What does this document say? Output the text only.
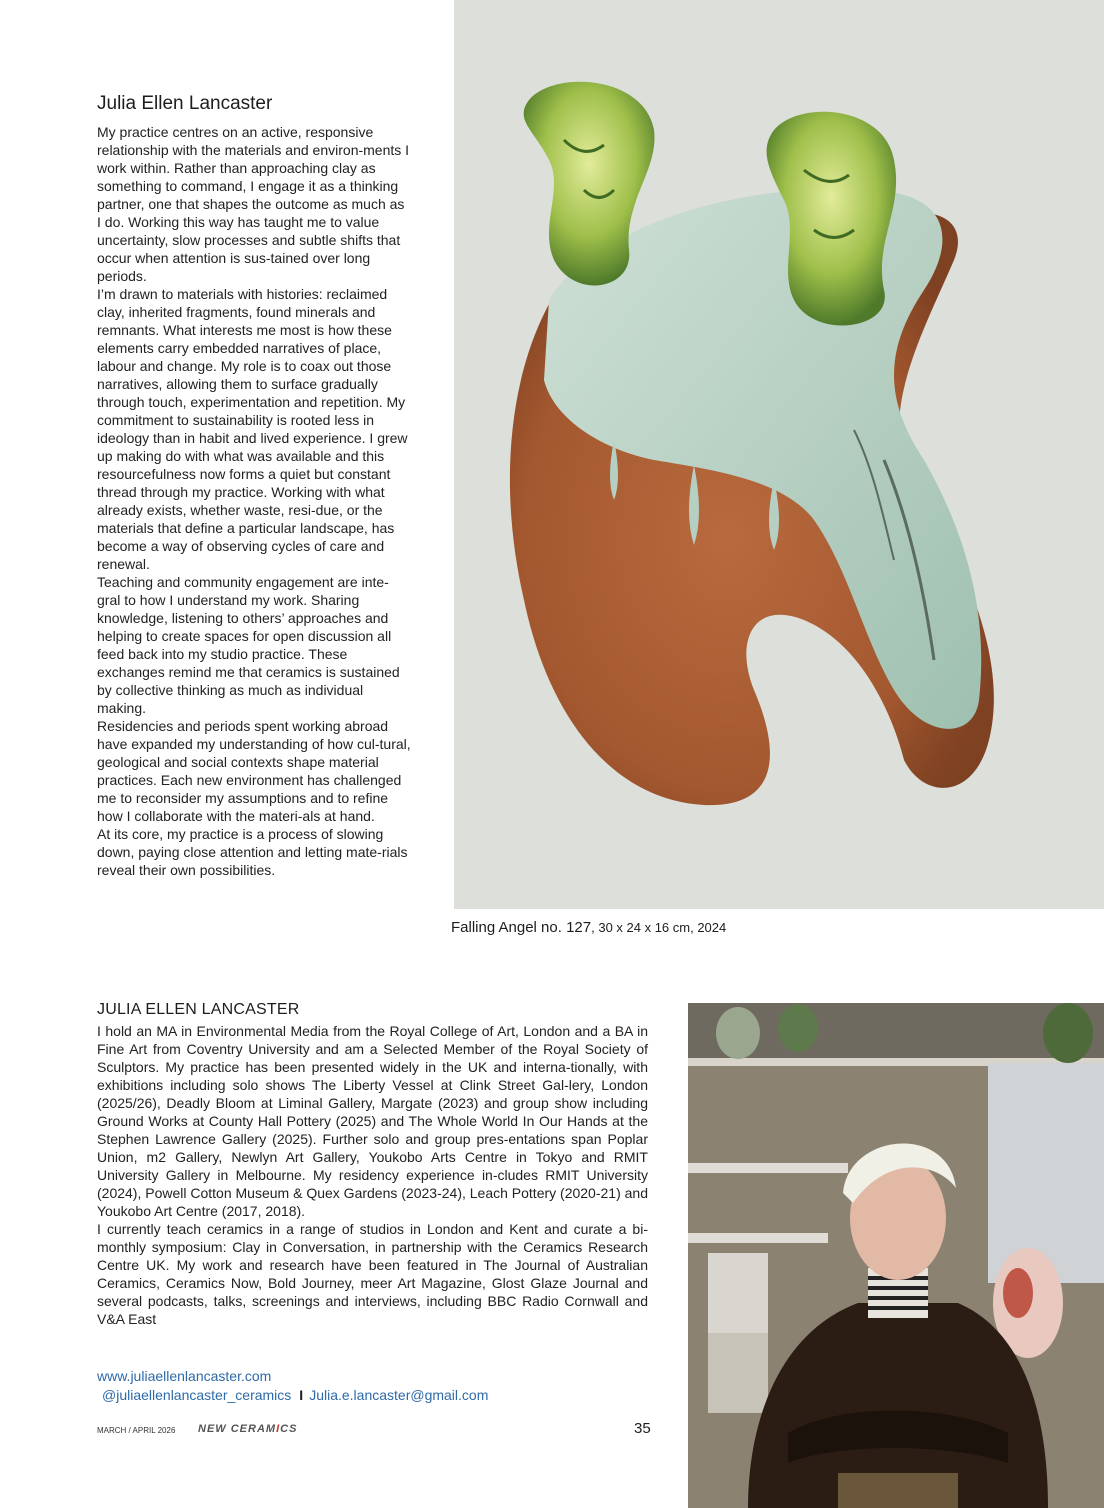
Julia Ellen Lancaster

My practice centres on an active, responsive relationship with the materials and environ-ments I work within. Rather than approaching clay as something to command, I engage it as a thinking partner, one that shapes the outcome as much as I do. Working this way has taught me to value uncertainty, slow processes and subtle shifts that occur when attention is sus-tained over long periods.

I’m drawn to materials with histories: reclaimed clay, inherited fragments, found minerals and remnants. What interests me most is how these elements carry embedded narratives of place, labour and change. My role is to coax out those narratives, allowing them to surface gradually through touch, experimentation and repetition. My commitment to sustainability is rooted less in ideology than in habit and lived experience. I grew up making do with what was available and this resourcefulness now forms a quiet but constant thread through my practice. Working with what already exists, whether waste, resi-due, or the materials that define a particular landscape, has become a way of observing cycles of care and renewal.

Teaching and community engagement are inte-gral to how I understand my work. Sharing knowledge, listening to others’ approaches and helping to create spaces for open discussion all feed back into my studio practice. These exchanges remind me that ceramics is sustained by collective thinking as much as individual making.

Residencies and periods spent working abroad have expanded my understanding of how cul-tural, geological and social contexts shape material practices. Each new environment has challenged me to reconsider my assumptions and to refine how I collaborate with the materi-als at hand.

At its core, my practice is a process of slowing down, paying close attention and letting mate-rials reveal their own possibilities.

Falling Angel no. 127, 30 x 24 x 16 cm, 2024
JULIA ELLEN LANCASTER

I hold an MA in Environmental Media from the Royal College of Art, London and a BA in Fine Art from Coventry University and am a Selected Member of the Royal Society of Sculptors. My practice has been presented widely in the UK and interna-tionally, with exhibitions including solo shows The Liberty Vessel at Clink Street Gal-lery, London (2025/26), Deadly Bloom at Liminal Gallery, Margate (2023) and group show including Ground Works at County Hall Pottery (2025) and The Whole World In Our Hands at the Stephen Lawrence Gallery (2025). Further solo and group pres-entations span Poplar Union, m2 Gallery, Newlyn Art Gallery, Youkobo Arts Centre in Tokyo and RMIT University Gallery in Melbourne. My residency experience in-cludes RMIT University (2024), Powell Cotton Museum & Quex Gardens (2023-24), Leach Pottery (2020-21) and Youkobo Art Centre (2017, 2018).

I currently teach ceramics in a range of studios in London and Kent and curate a bi-monthly symposium: Clay in Conversation, in partnership with the Ceramics Research Centre UK. My work and research have been featured in The Journal of Australian Ceramics, Ceramics Now, Bold Journey, meer Art Magazine, Glost Glaze Journal and several podcasts, talks, screenings and interviews, including BBC Radio Cornwall and V&A East

www.juliaellenlancaster.com
@juliaellenlancaster_ceramics I Julia.e.lancaster@gmail.com
MARCH / APRIL 2026 NEW CERAMICS	35
